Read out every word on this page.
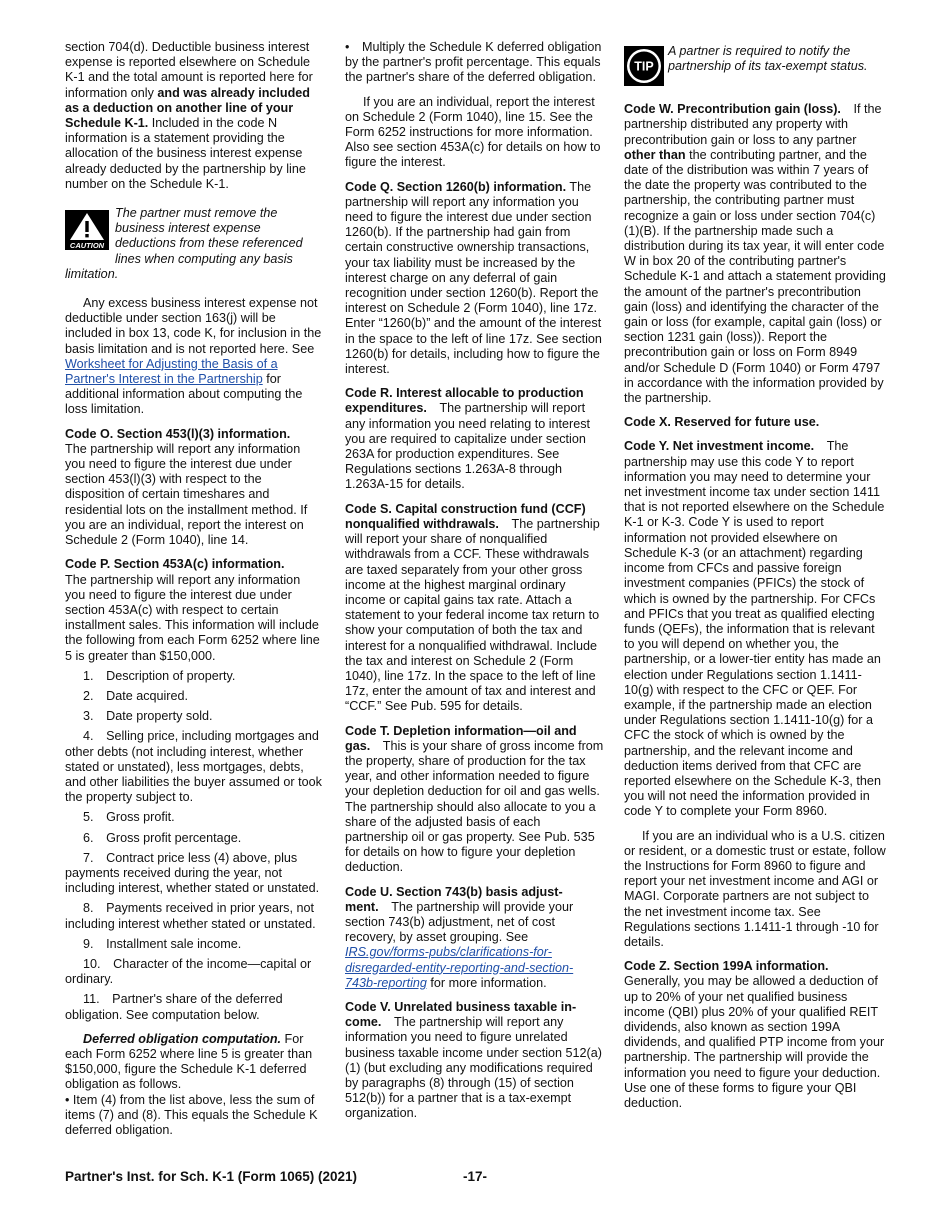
section 704(d). Deductible business interest expense is reported elsewhere on Schedule K-1 and the total amount is reported here for information only and was already included as a deduction on another line of your Schedule K-1. Included in the code N information is a statement providing the allocation of the business interest expense already deducted by the partnership by line number on the Schedule K-1.

CAUTION
The partner must remove the business interest expense deductions from these referenced lines when computing any basis limitation.

Any excess business interest expense not deductible under section 163(j) will be included in box 13, code K, for inclusion in the basis limitation and is not reported here. See Worksheet for Adjusting the Basis of a Partner's Interest in the Partnership for additional information about computing the loss limitation.

Code O. Section 453(l)(3) information.
The partnership will report any information you need to figure the interest due under section 453(l)(3) with respect to the disposition of certain timeshares and residential lots on the installment method. If you are an individual, report the interest on Schedule 2 (Form 1040), line 14.

Code P. Section 453A(c) information.
The partnership will report any information you need to figure the interest due under section 453A(c) with respect to certain installment sales. This information will include the following from each Form 6252 where line 5 is greater than $150,000.

1. Description of property.
2. Date acquired.
3. Date property sold.
4. Selling price, including mortgages and other debts (not including interest, whether stated or unstated), less mortgages, debts, and other liabilities the buyer assumed or took the property subject to.
5. Gross profit.
6. Gross profit percentage.
7. Contract price less (4) above, plus payments received during the year, not including interest, whether stated or unstated.
8. Payments received in prior years, not including interest whether stated or unstated.
9. Installment sale income.
10. Character of the income—capital or ordinary.
11. Partner's share of the deferred obligation. See computation below.

Deferred obligation computation. For each Form 6252 where line 5 is greater than $150,000, figure the Schedule K-1 deferred obligation as follows.

• Item (4) from the list above, less the sum of items (7) and (8). This equals the Schedule K deferred obligation.

• Multiply the Schedule K deferred obligation by the partner's profit percentage. This equals the partner's share of the deferred obligation.

If you are an individual, report the interest on Schedule 2 (Form 1040), line 15. See the Form 6252 instructions for more information. Also see section 453A(c) for details on how to figure the interest.

Code Q. Section 1260(b) information. The partnership will report any information you need to figure the interest due under section 1260(b). If the partnership had gain from certain constructive ownership transactions, your tax liability must be increased by the interest charge on any deferral of gain recognition under section 1260(b). Report the interest on Schedule 2 (Form 1040), line 17z. Enter “1260(b)” and the amount of the interest in the space to the left of line 17z. See section 1260(b) for details, including how to figure the interest.

Code R. Interest allocable to production expenditures. The partnership will report any information you need relating to interest you are required to capitalize under section 263A for production expenditures. See Regulations sections 1.263A-8 through 1.263A-15 for details.

Code S. Capital construction fund (CCF) nonqualified withdrawals. The partnership will report your share of nonqualified withdrawals from a CCF. These withdrawals are taxed separately from your other gross income at the highest marginal ordinary income or capital gains tax rate. Attach a statement to your federal income tax return to show your computation of both the tax and interest for a nonqualified withdrawal. Include the tax and interest on Schedule 2 (Form 1040), line 17z. In the space to the left of line 17z, enter the amount of tax and interest and “CCF.” See Pub. 595 for details.

Code T. Depletion information—oil and gas. This is your share of gross income from the property, share of production for the tax year, and other information needed to figure your depletion deduction for oil and gas wells. The partnership should also allocate to you a share of the adjusted basis of each partnership oil or gas property. See Pub. 535 for details on how to figure your depletion deduction.

Code U. Section 743(b) basis adjust-ment. The partnership will provide your section 743(b) adjustment, net of cost recovery, by asset grouping. See IRS.gov/forms-pubs/clarifications-for-disregarded-entity-reporting-and-section-743b-reporting for more information.

Code V. Unrelated business taxable in-come. The partnership will report any information you need to figure unrelated business taxable income under section 512(a)(1) (but excluding any modifications required by paragraphs (8) through (15) of section 512(b)) for a partner that is a tax-exempt organization.

TIP
A partner is required to notify the partnership of its tax-exempt status.

Code W. Precontribution gain (loss). If the partnership distributed any property with precontribution gain or loss to any partner other than the contributing partner, and the date of the distribution was within 7 years of the date the property was contributed to the partnership, the contributing partner must recognize a gain or loss under section 704(c)(1)(B). If the partnership made such a distribution during its tax year, it will enter code W in box 20 of the contributing partner's Schedule K-1 and attach a statement providing the amount of the partner's precontribution gain (loss) and identifying the character of the gain or loss (for example, capital gain (loss) or section 1231 gain (loss)). Report the precontribution gain or loss on Form 8949 and/or Schedule D (Form 1040) or Form 4797 in accordance with the information provided by the partnership.

Code X. Reserved for future use.

Code Y. Net investment income. The partnership may use this code Y to report information you may need to determine your net investment income tax under section 1411 that is not reported elsewhere on the Schedule K-1 or K-3. Code Y is used to report information not provided elsewhere on Schedule K-3 (or an attachment) regarding income from CFCs and passive foreign investment companies (PFICs) the stock of which is owned by the partnership. For CFCs and PFICs that you treat as qualified electing funds (QEFs), the information that is relevant to you will depend on whether you, the partnership, or a lower-tier entity has made an election under Regulations section 1.1411-10(g) with respect to the CFC or QEF. For example, if the partnership made an election under Regulations section 1.1411-10(g) for a CFC the stock of which is owned by the partnership, and the relevant income and deduction items derived from that CFC are reported elsewhere on the Schedule K-3, then you will not need the information provided in code Y to complete your Form 8960.

If you are an individual who is a U.S. citizen or resident, or a domestic trust or estate, follow the Instructions for Form 8960 to figure and report your net investment income and AGI or MAGI. Corporate partners are not subject to the net investment income tax. See Regulations sections 1.1411-1 through -10 for details.

Code Z. Section 199A information.
Generally, you may be allowed a deduction of up to 20% of your net qualified business income (QBI) plus 20% of your qualified REIT dividends, also known as section 199A dividends, and qualified PTP income from your partnership. The partnership will provide the information you need to figure your deduction. Use one of these forms to figure your QBI deduction.

Partner's Inst. for Sch. K-1 (Form 1065) (2021)	-17-
